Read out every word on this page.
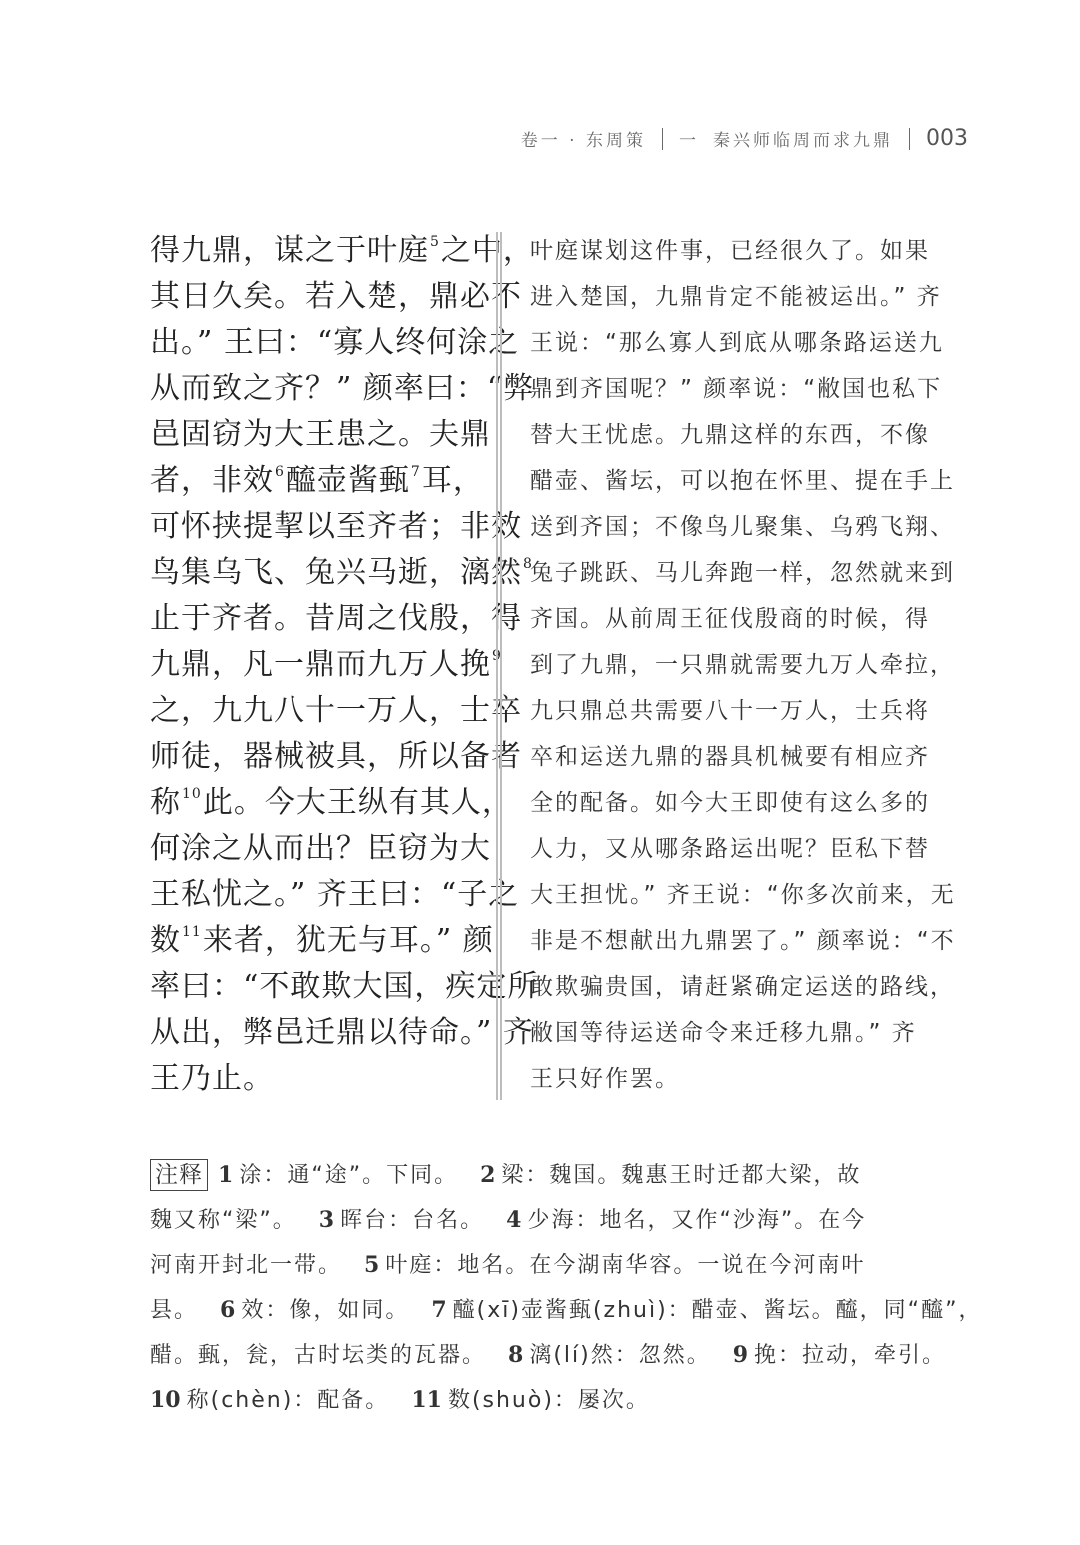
卷一 · 东周策 一 秦兴师临周而求九鼎 003
得九鼎，谋之于叶庭$^5$之中，
其日久矣。若入楚，鼎必不
出。” 王曰：“寡人终何涂之
从而致之齐？” 颜率曰：“弊
邑固窃为大王患之。夫鼎
者，非效$^6$醯壶酱甀$^7$耳，
可怀挟提挈以至齐者；非效
鸟集乌飞、兔兴马逝，漓然$^8$
止于齐者。昔周之伐殷，得
九鼎，凡一鼎而九万人挽$^9$
之，九九八十一万人，士卒
师徒，器械被具，所以备者
称$^{10}$此。今大王纵有其人，
何涂之从而出？臣窃为大
王私忧之。” 齐王曰：“子之
数$^{11}$来者，犹无与耳。” 颜
率曰：“不敢欺大国，疾定所
从出，弊邑迁鼎以待命。” 齐
王乃止。
叶庭谋划这件事，已经很久了。如果
进入楚国，九鼎肯定不能被运出。” 齐
王说：“那么寡人到底从哪条路运送九
鼎到齐国呢？” 颜率说：“敝国也私下
替大王忧虑。九鼎这样的东西，不像
醋壶、酱坛，可以抱在怀里、提在手上
送到齐国；不像鸟儿聚集、乌鸦飞翔、
兔子跳跃、马儿奔跑一样，忽然就来到
齐国。从前周王征伐殷商的时候，得
到了九鼎，一只鼎就需要九万人牵拉，
九只鼎总共需要八十一万人，士兵将
卒和运送九鼎的器具机械要有相应齐
全的配备。如今大王即使有这么多的
人力，又从哪条路运出呢？臣私下替
大王担忧。” 齐王说：“你多次前来，无
非是不想献出九鼎罢了。” 颜率说：“不
敢欺骗贵国，请赶紧确定运送的路线，
敝国等待运送命令来迁移九鼎。” 齐
王只好作罢。
注释 1 涂：通“途”。下同。 2 梁：魏国。魏惠王时迁都大梁，故
魏又称“梁”。 3 晖台：台名。 4 少海：地名，又作“沙海”。在今
河南开封北一带。 5 叶庭：地名。在今湖南华容。一说在今河南叶
县。 6 效：像，如同。 7 醯(xī)壶酱甀(zhuì)：醋壶、酱坛。醯，同“醯”，
醋。甀，瓮，古时坛类的瓦器。 8 漓(lí)然：忽然。 9 挽：拉动，牵引。
10 称(chèn)：配备。 11 数(shuò)：屡次。
